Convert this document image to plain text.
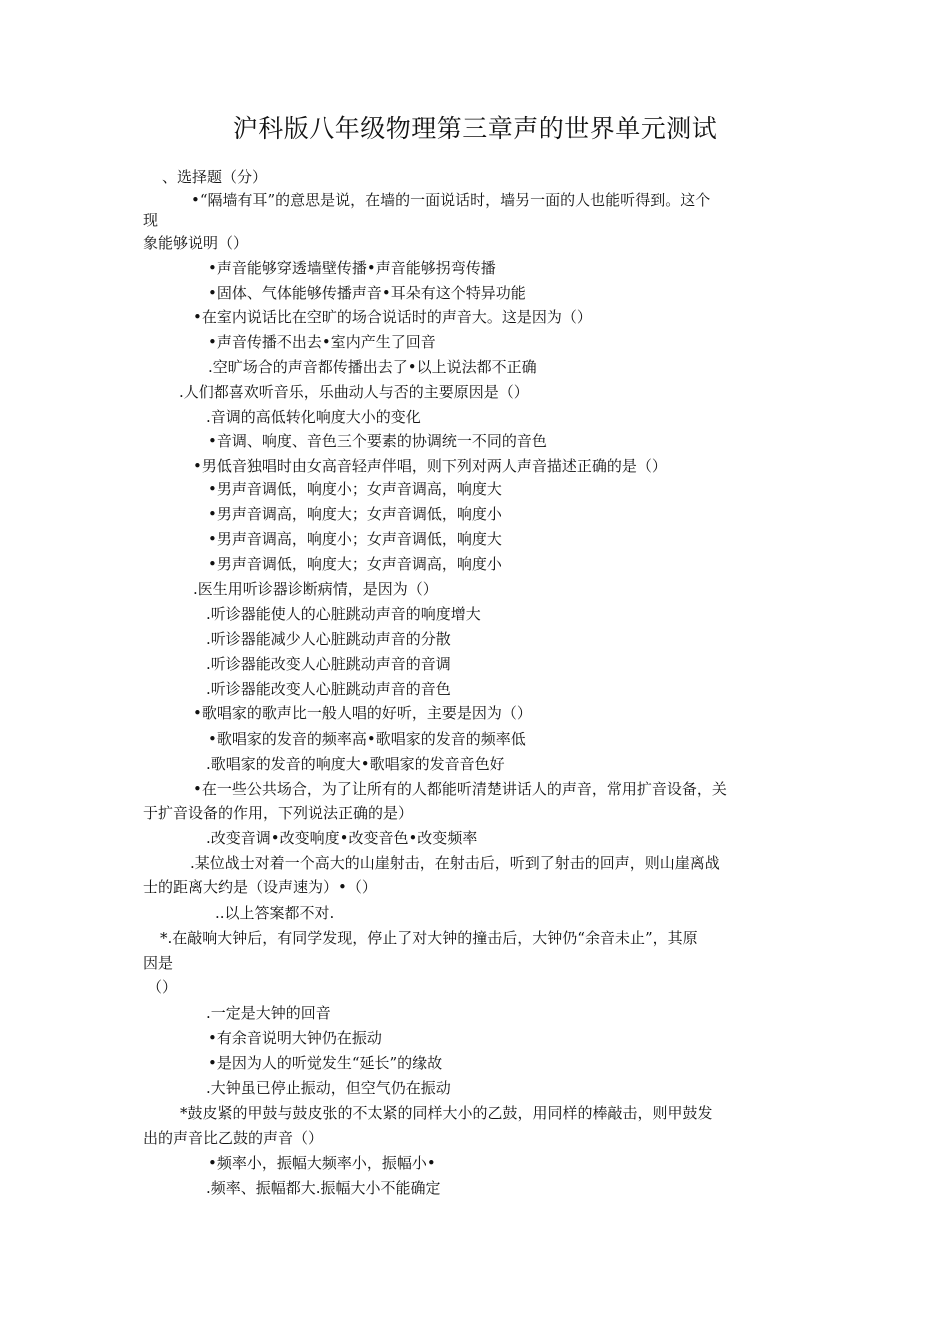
沪科版八年级物理第三章声的世界单元测试
、选择题（分）
•“隔墙有耳”的意思是说，在墙的一面说话时，墙另一面的人也能听得到。这个
现
象能够说明（）
•声音能够穿透墙壁传播•声音能够拐弯传播
•固体、气体能够传播声音•耳朵有这个特异功能
•在室内说话比在空旷的场合说话时的声音大。这是因为（）
•声音传播不出去•室内产生了回音
.空旷场合的声音都传播出去了•以上说法都不正确
.人们都喜欢听音乐，乐曲动人与否的主要原因是（）
.音调的高低转化响度大小的变化
•音调、响度、音色三个要素的协调统一不同的音色
•男低音独唱时由女高音轻声伴唱，则下列对两人声音描述正确的是（）
•男声音调低，响度小；女声音调高，响度大
•男声音调高，响度大；女声音调低，响度小
•男声音调高，响度小；女声音调低，响度大
•男声音调低，响度大；女声音调高，响度小
.医生用听诊器诊断病情，是因为（）
.听诊器能使人的心脏跳动声音的响度增大
.听诊器能减少人心脏跳动声音的分散
.听诊器能改变人心脏跳动声音的音调
.听诊器能改变人心脏跳动声音的音色
•歌唱家的歌声比一般人唱的好听，主要是因为（）
•歌唱家的发音的频率高•歌唱家的发音的频率低
.歌唱家的发音的响度大•歌唱家的发音音色好
•在一些公共场合，为了让所有的人都能听清楚讲话人的声音，常用扩音设备，关
于扩音设备的作用，下列说法正确的是）
.改变音调•改变响度•改变音色•改变频率
.某位战士对着一个高大的山崖射击，在射击后，听到了射击的回声，则山崖离战
士的距离大约是（设声速为）•（）
..以上答案都不对.
*.在敲响大钟后，有同学发现，停止了对大钟的撞击后，大钟仍“余音未止”，其原
因是
（）
.一定是大钟的回音
•有余音说明大钟仍在振动
•是因为人的听觉发生“延长”的缘故
.大钟虽已停止振动，但空气仍在振动
*鼓皮紧的甲鼓与鼓皮张的不太紧的同样大小的乙鼓，用同样的棒敲击，则甲鼓发
出的声音比乙鼓的声音（）
•频率小，振幅大频率小，振幅小•
.频率、振幅都大.振幅大小不能确定
